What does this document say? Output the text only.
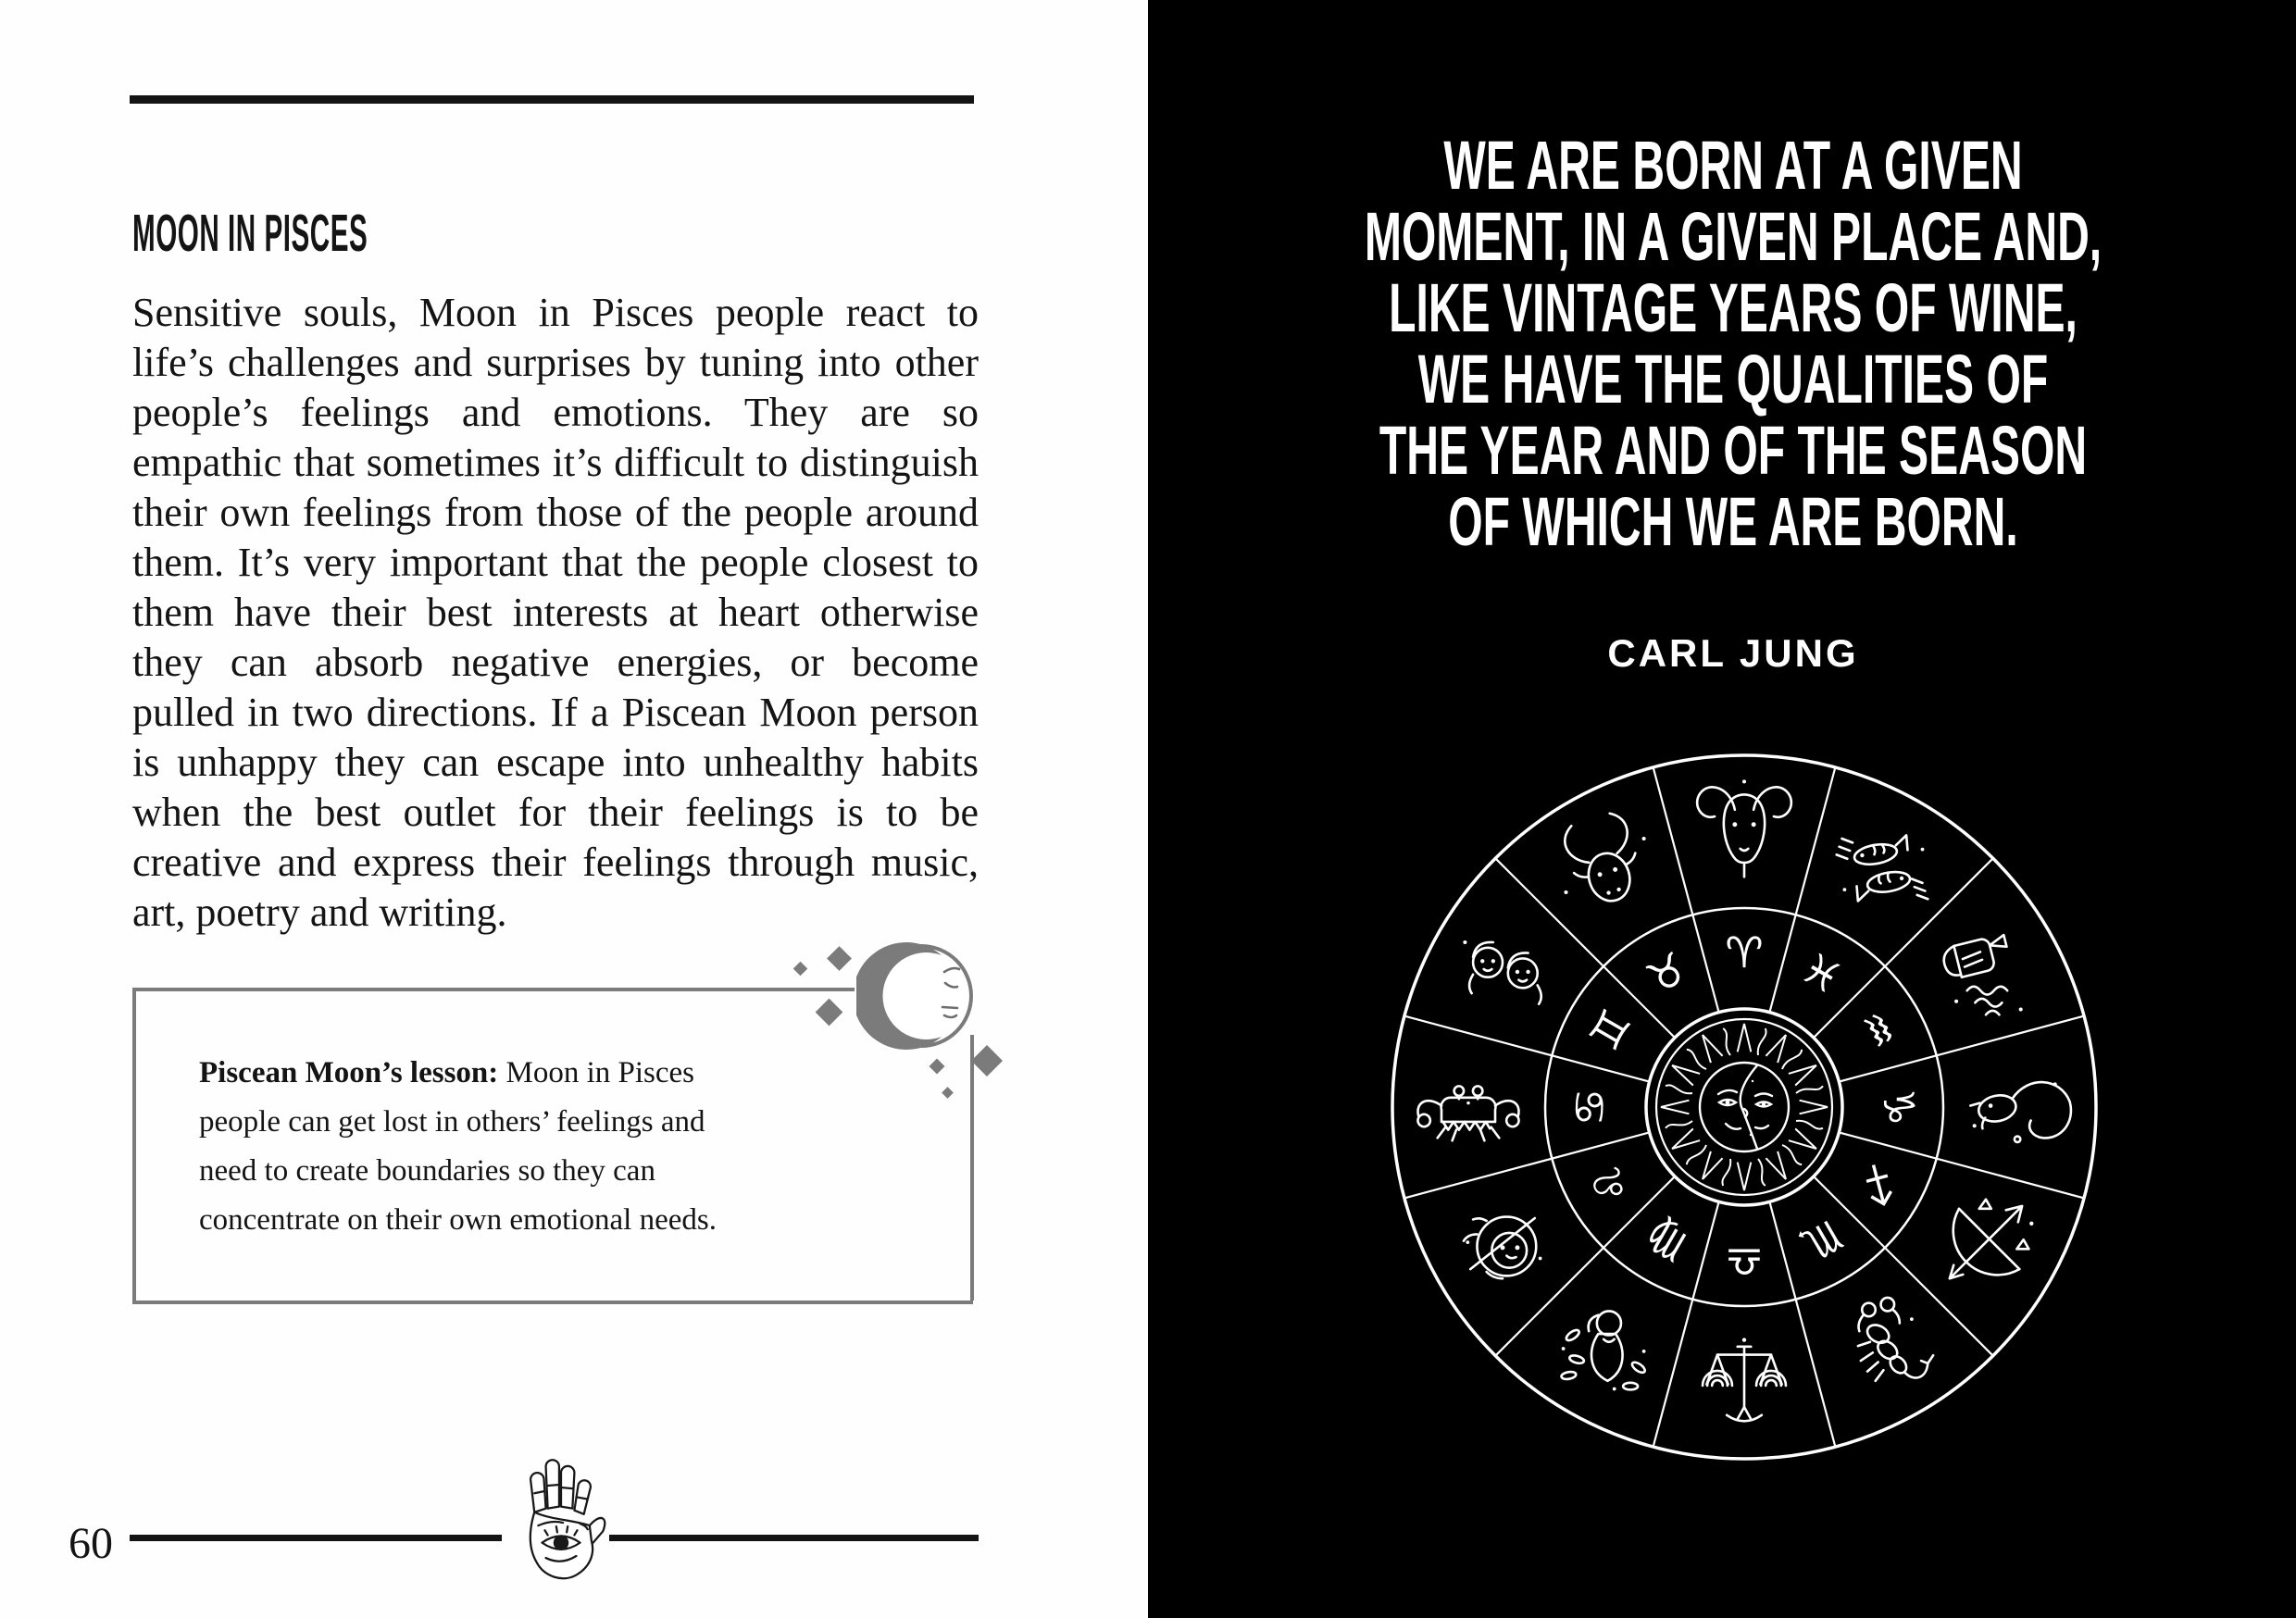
MOON IN PISCES
Sensitive souls, Moon in Pisces people react to life’s challenges and surprises by tuning into other people’s feelings and emotions. They are so empathic that sometimes it’s difficult to distinguish their own feelings from those of the people around them. It’s very important that the people closest to them have their best interests at heart otherwise they can absorb negative energies, or become pulled in two directions. If a Piscean Moon person is unhappy they can escape into unhealthy habits when the best outlet for their feelings is to be creative and express their feelings through music, art, poetry and writing.
Piscean Moon’s lesson: Moon in Pisces
people can get lost in others’ feelings and
need to create boundaries so they can
concentrate on their own emotional needs.
60
WE ARE BORN AT A GIVEN
MOMENT, IN A GIVEN PLACE AND,
LIKE VINTAGE YEARS OF WINE,
WE HAVE THE QUALITIES OF
THE YEAR AND OF THE SEASON
OF WHICH WE ARE BORN.
CARL JUNG
♈ ♓
♒
♑
♐
♏
♎
♍
♌
♋
♊
♉
